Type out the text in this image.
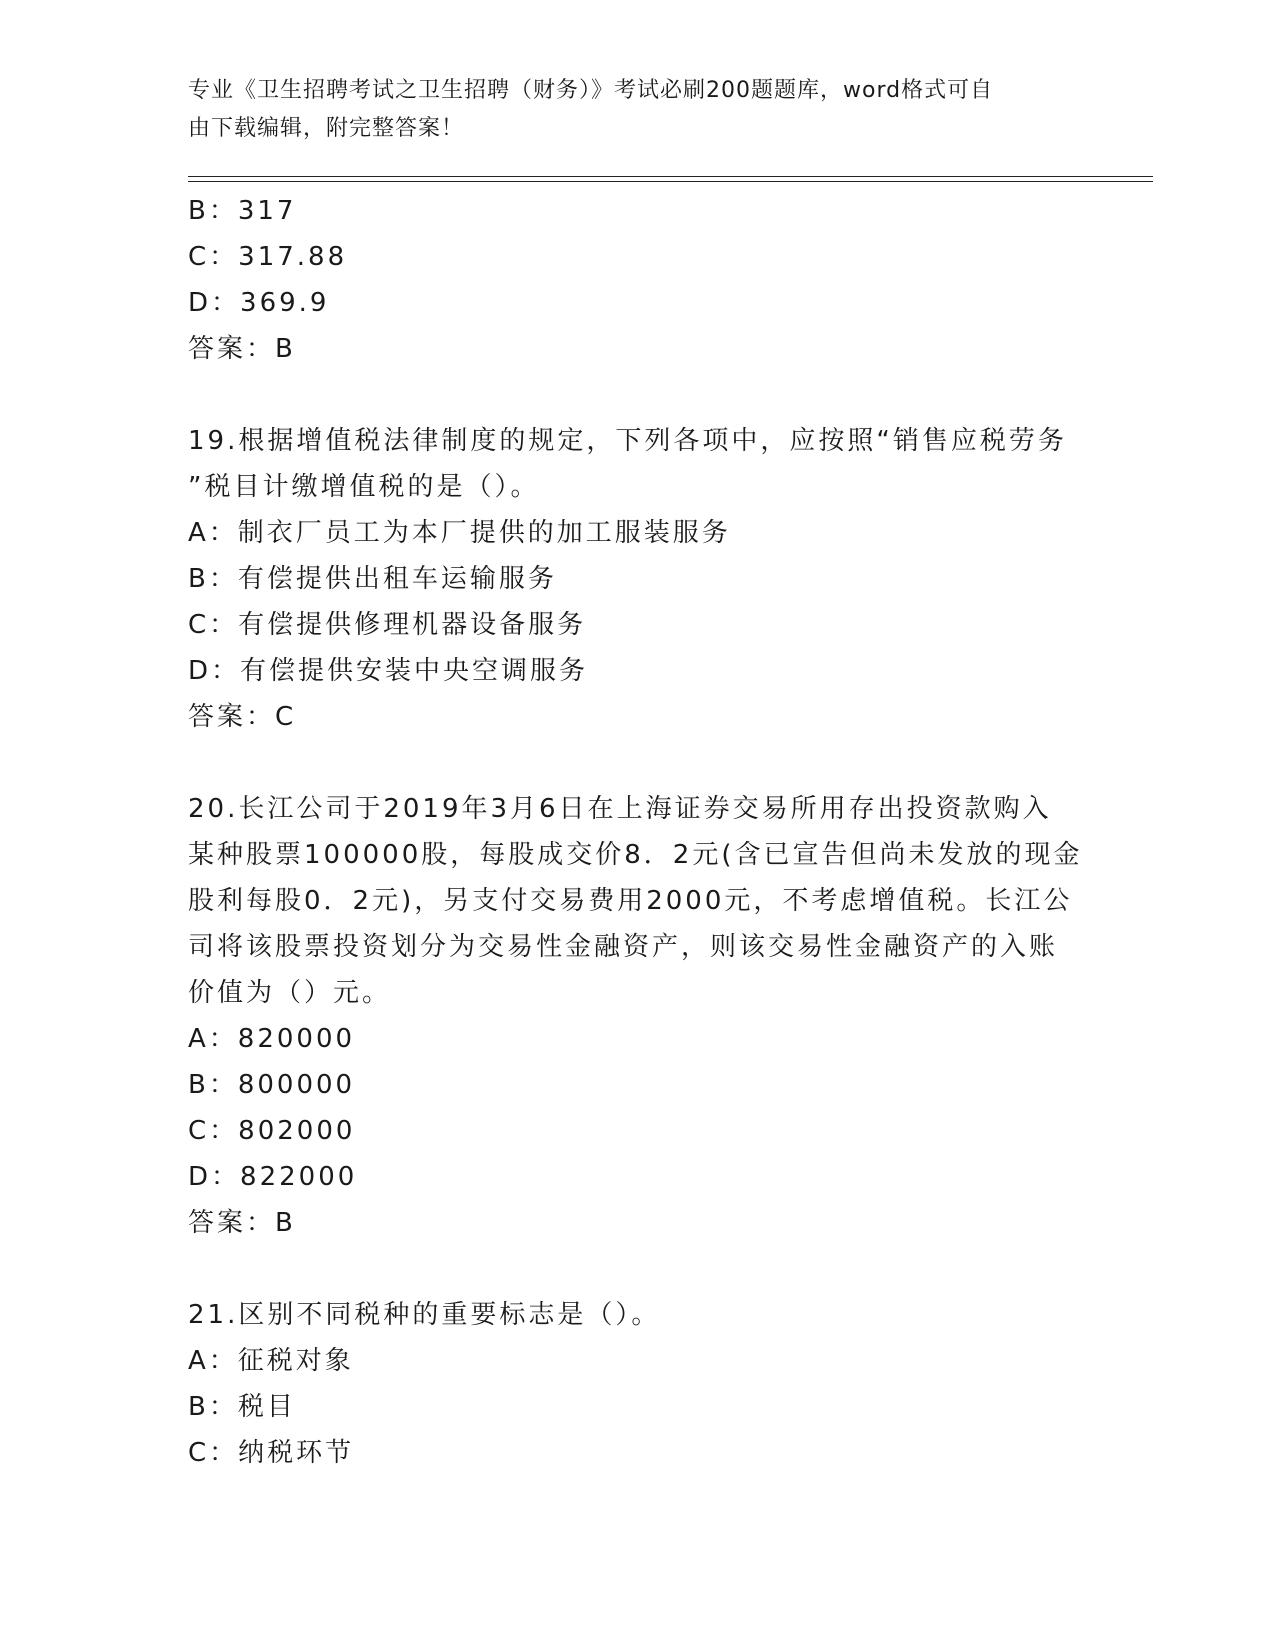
专业《卫生招聘考试之卫生招聘（财务）》考试必刷200题题库，word格式可自
由下载编辑，附完整答案！
B：317
C：317.88
D：369.9
答案：B
19.根据增值税法律制度的规定，下列各项中，应按照“销售应税劳务
”税目计缴增值税的是（）。
A：制衣厂员工为本厂提供的加工服装服务
B：有偿提供出租车运输服务
C：有偿提供修理机器设备服务
D：有偿提供安装中央空调服务
答案：C
20.长江公司于2019年3月6日在上海证券交易所用存出投资款购入
某种股票100000股，每股成交价8．2元(含已宣告但尚未发放的现金
股利每股0．2元)，另支付交易费用2000元，不考虑增值税。长江公
司将该股票投资划分为交易性金融资产，则该交易性金融资产的入账
价值为（）元。
A：820000
B：800000
C：802000
D：822000
答案：B
21.区别不同税种的重要标志是（）。
A：征税对象
B：税目
C：纳税环节
